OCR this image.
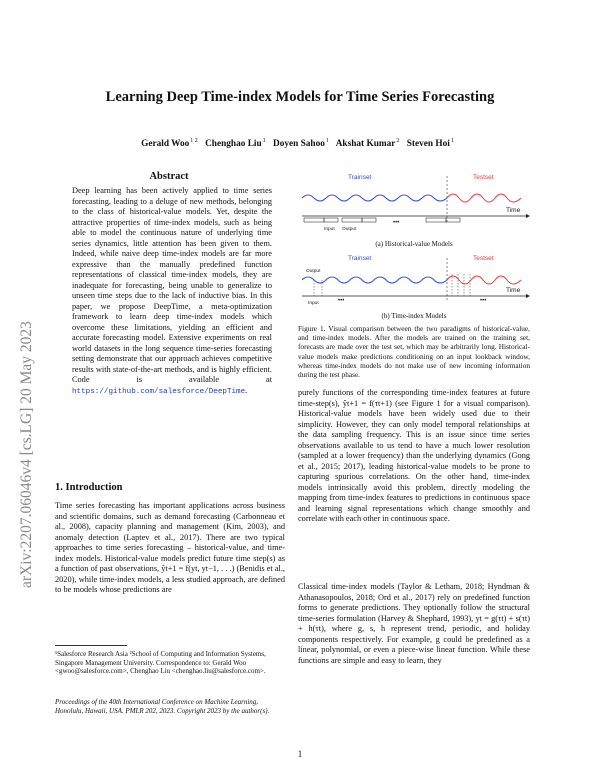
arXiv:2207.06046v4 [cs.LG] 20 May 2023
Learning Deep Time-index Models for Time Series Forecasting
Gerald Woo$^{1 2}$ Chenghao Liu$^1$ Doyen Sahoo$^1$ Akshat Kumar$^2$ Steven Hoi$^1$
Abstract
Deep learning has been actively applied to time series forecasting, leading to a deluge of new methods, belonging to the class of historical-value models. Yet, despite the attractive properties of time-index models, such as being able to model the continuous nature of underlying time series dynamics, little attention has been given to them. Indeed, while naive deep time-index models are far more expressive than the manually predefined function representations of classical time-index models, they are inadequate for forecasting, being unable to generalize to unseen time steps due to the lack of inductive bias. In this paper, we propose DeepTime, a meta-optimization framework to learn deep time-index models which overcome these limitations, yielding an efficient and accurate forecasting model. Extensive experiments on real world datasets in the long sequence time-series forecasting setting demonstrate that our approach achieves competitive results with state-of-the-art methods, and is highly efficient. Code is available at https://github.com/salesforce/DeepTime.
1. Introduction
Time series forecasting has important applications across business and scientific domains, such as demand forecasting (Carbonneau et al., 2008), capacity planning and management (Kim, 2003), and anomaly detection (Laptev et al., 2017). There are two typical approaches to time series forecasting – historical-value, and time-index models. Historical-value models predict future time step(s) as a function of past observations, ŷt+1 = f(yt, yt−1, . . .) (Benidis et al., 2020), while time-index models, a less studied approach, are defined to be models whose predictions are
¹Salesforce Research Asia ²School of Computing and Information Systems, Singapore Management University. Correspondence to: Gerald Woo <gwoo@salesforce.com>, Chenghao Liu <chenghao.liu@salesforce.com>.
Proceedings of the 40th International Conference on Machine Learning, Honolulu, Hawaii, USA. PMLR 202, 2023. Copyright 2023 by the author(s).
Trainset	Testset
Time
Input Output
•••
(a) Historical-value Models
Trainset	Testset
Time
Output
Input	•••	•••
(b) Time-index Models
Figure 1. Visual comparison between the two paradigms of historical-value, and time-index models. After the models are trained on the training set, forecasts are made over the test set, which may be arbitrarily long. Historical-value models make predictions conditioning on an input lookback window, whereas time-index models do not make use of new incoming information during the test phase.
purely functions of the corresponding time-index features at future time-step(s), ŷt+1 = f(τt+1) (see Figure 1 for a visual comparison). Historical-value models have been widely used due to their simplicity. However, they can only model temporal relationships at the data sampling frequency. This is an issue since time series observations available to us tend to have a much lower resolution (sampled at a lower frequency) than the underlying dynamics (Gong et al., 2015; 2017), leading historical-value models to be prone to capturing spurious correlations. On the other hand, time-index models intrinsically avoid this problem, directly modeling the mapping from time-index features to predictions in continuous space and learning signal representations which change smoothly and correlate with each other in continuous space.
Classical time-index models (Taylor & Letham, 2018; Hyndman & Athanasopoulos, 2018; Ord et al., 2017) rely on predefined function forms to generate predictions. They optionally follow the structural time-series formulation (Harvey & Shephard, 1993), yt = g(τt) + s(τt) + h(τt), where g, s, h represent trend, periodic, and holiday components respectively. For example, g could be predefined as a linear, polynomial, or even a piece-wise linear function. While these functions are simple and easy to learn, they
1
